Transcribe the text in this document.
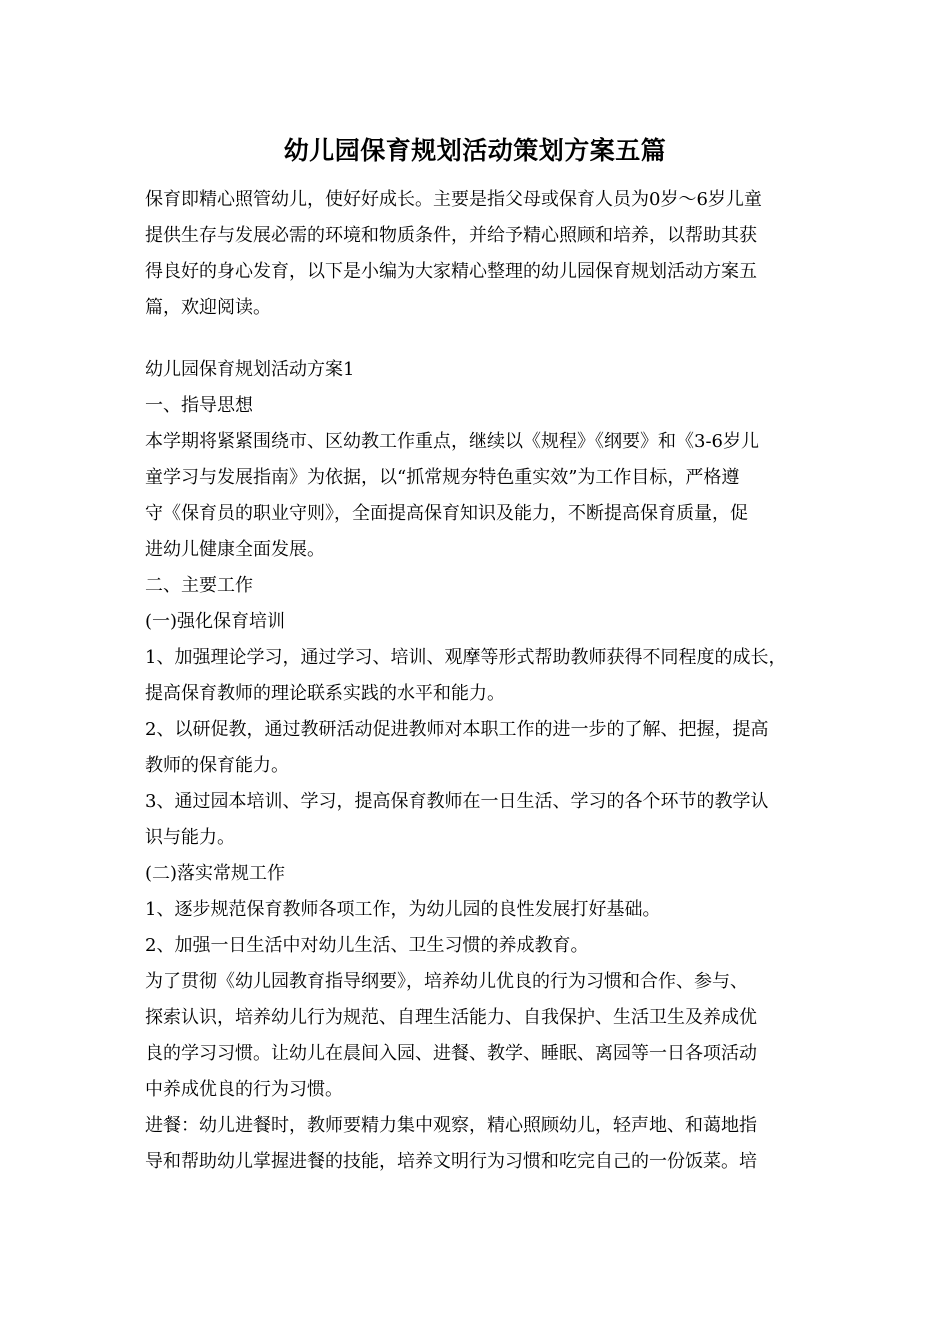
幼儿园保育规划活动策划方案五篇
保育即精心照管幼儿，使好好成长。主要是指父母或保育人员为0岁～6岁儿童
提供生存与发展必需的环境和物质条件，并给予精心照顾和培养，以帮助其获
得良好的身心发育，以下是小编为大家精心整理的幼儿园保育规划活动方案五
篇，欢迎阅读。
幼儿园保育规划活动方案1
一、指导思想
本学期将紧紧围绕市、区幼教工作重点，继续以《规程》《纲要》和《3-6岁儿
童学习与发展指南》为依据，以“抓常规夯特色重实效”为工作目标，严格遵
守《保育员的职业守则》，全面提高保育知识及能力，不断提高保育质量，促
进幼儿健康全面发展。
二、主要工作
(一)强化保育培训
1、加强理论学习，通过学习、培训、观摩等形式帮助教师获得不同程度的成长，
提高保育教师的理论联系实践的水平和能力。
2、以研促教，通过教研活动促进教师对本职工作的进一步的了解、把握，提高
教师的保育能力。
3、通过园本培训、学习，提高保育教师在一日生活、学习的各个环节的教学认
识与能力。
(二)落实常规工作
1、逐步规范保育教师各项工作，为幼儿园的良性发展打好基础。
2、加强一日生活中对幼儿生活、卫生习惯的养成教育。
为了贯彻《幼儿园教育指导纲要》，培养幼儿优良的行为习惯和合作、参与、
探索认识，培养幼儿行为规范、自理生活能力、自我保护、生活卫生及养成优
良的学习习惯。让幼儿在晨间入园、进餐、教学、睡眠、离园等一日各项活动
中养成优良的行为习惯。
进餐：幼儿进餐时，教师要精力集中观察，精心照顾幼儿，轻声地、和蔼地指
导和帮助幼儿掌握进餐的技能，培养文明行为习惯和吃完自己的一份饭菜。培
